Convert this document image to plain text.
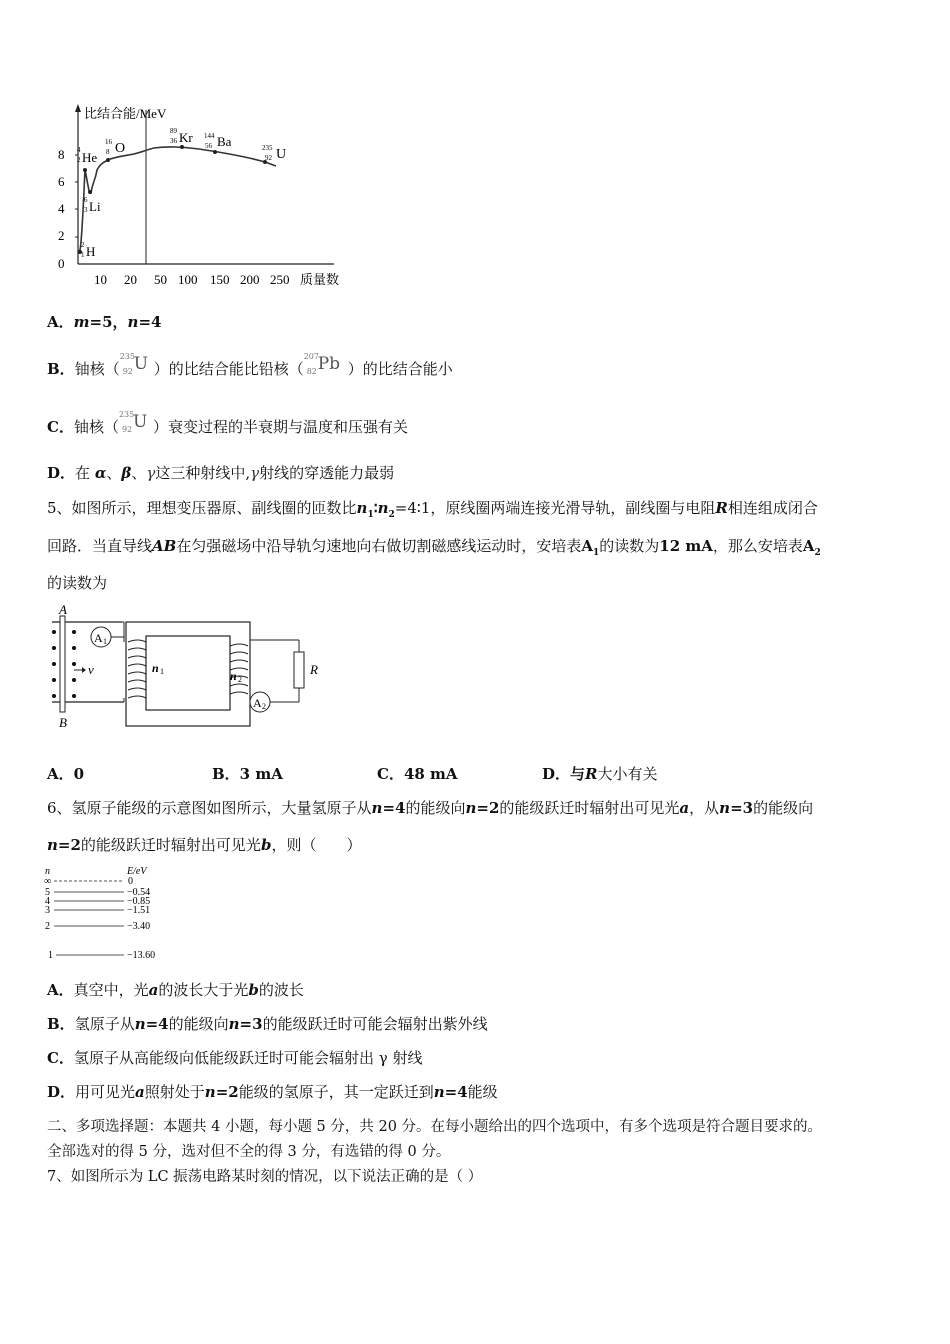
比结合能/MeV
0
2
4
6
8
10 20 50 100 150 200 250 质量数
2
1 H
4
2 He
6
3 Li
16
8 O
89
36 Kr 144
56 Ba	235
92 U
A．m=5，n=4
B．铀核（
235
92 U ）的比结合能比铅核（
207
82 Pb ）的比结合能小
C．铀核（
235
92 U ）衰变过程的半衰期与温度和压强有关
D．在 α、β、γ这三种射线中,γ射线的穿透能力最弱
5、如图所示，理想变压器原、副线圈的匝数比$n_1∶n_2=4∶1$，原线圈两端连接光滑导轨，副线圈与电阻R相连组成闭合
回路．当直导线AB在匀强磁场中沿导轨匀速地向右做切割磁感线运动时，安培表$A_1$的读数为12 mA，那么安培表$A_2$
的读数为
A
B
v
A 1
n 1	n 2
R
A 2
A．0	B．3 mA	C．48 mA	D．与R大小有关
6、氢原子能级的示意图如图所示，大量氢原子从n=4的能级向n=2的能级跃迁时辐射出可见光a，从n=3的能级向
n=2的能级跃迁时辐射出可见光b，则（　　）
n	E/eV
∞	0
5	−0.54
4	−0.85
3	−1.51
2	−3.40
1	−13.60
A．真空中，光a的波长大于光b的波长
B．氢原子从n=4的能级向n=3的能级跃迁时可能会辐射出紫外线
C．氢原子从高能级向低能级跃迁时可能会辐射出 γ 射线
D．用可见光a照射处于n=2能级的氢原子，其一定跃迁到n=4能级
二、多项选择题：本题共 4 小题，每小题 5 分，共 20 分。在每小题给出的四个选项中，有多个选项是符合题目要求的。
全部选对的得 5 分，选对但不全的得 3 分，有选错的得 0 分。
7、如图所示为 LC 振荡电路某时刻的情况，以下说法正确的是（ ）
